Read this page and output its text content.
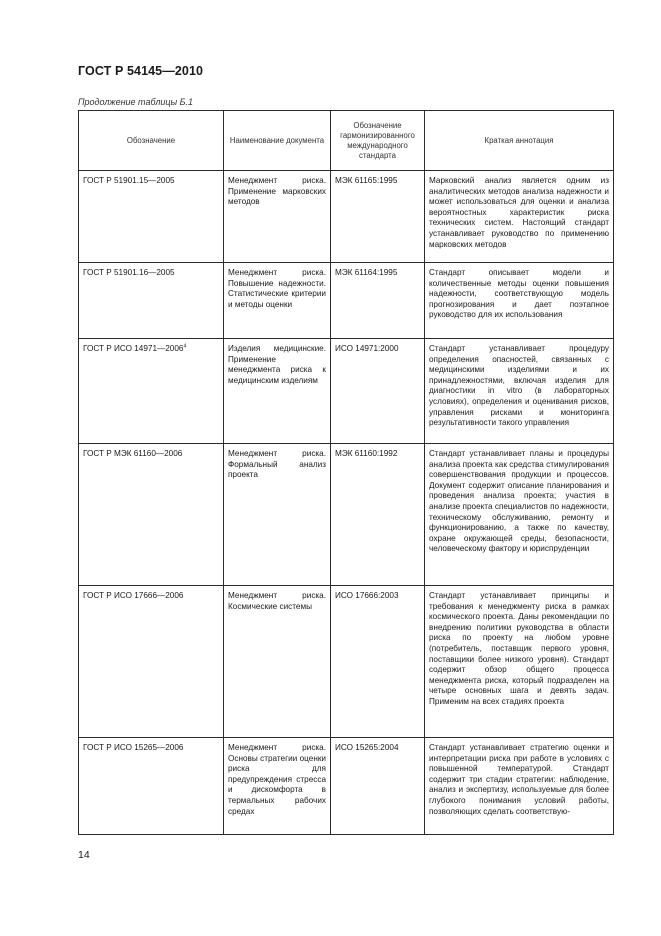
ГОСТ Р 54145—2010
Продолжение таблицы Б.1
Обозначение	Наименование документа	Обозначение гармонизированного международного стандарта	Краткая аннотация
ГОСТ Р 51901.15—2005	Менеджмент риска. Применение марковских методов	МЭК 61165:1995	Марковский анализ является одним из аналитических методов анализа надежности и может использоваться для оценки и анализа вероятностных характеристик риска технических систем. Настоящий стандарт устанавливает руководство по применению марковских методов
ГОСТ Р 51901.16—2005	Менеджмент риска. Повышение надежности. Статистические критерии и методы оценки	МЭК 61164:1995	Стандарт описывает модели и количественные методы оценки повышения надежности, соответствующую модель прогнозирования и дает поэтапное руководство для их использования
ГОСТ Р ИСО 14971—2006$^4$	Изделия медицинские. Применение менеджмента риска к медицинским изделиям	ИСО 14971:2000	Стандарт устанавливает процедуру определения опасностей, связанных с медицинскими изделиями и их принадлежностями, включая изделия для диагностики in vitro (в лабораторных условиях), определения и оценивания рисков, управления рисками и мониторинга результативности такого управления
ГОСТ Р МЭК 61160—2006	Менеджмент риска. Формальный анализ проекта	МЭК 61160:1992	Стандарт устанавливает планы и процедуры анализа проекта как средства стимулирования совершенствования продукции и процессов. Документ содержит описание планирования и проведения анализа проекта; участия в анализе проекта специалистов по надежности, техническому обслуживанию, ремонту и функционированию, а также по качеству, охране окружающей среды, безопасности, человеческому фактору и юриспруденции
ГОСТ Р ИСО 17666—2006	Менеджмент риска. Космические системы	ИСО 17666:2003	Стандарт устанавливает принципы и требования к менеджменту риска в рамках космического проекта. Даны рекомендации по внедрению политики руководства в области риска по проекту на любом уровне (потребитель, поставщик первого уровня, поставщики более низкого уровня). Стандарт содержит обзор общего процесса менеджмента риска, который подразделен на четыре основных шага и девять задач. Применим на всех стадиях проекта
ГОСТ Р ИСО 15265—2006	Менеджмент риска. Основы стратегии оценки риска для предупреждения стресса и дискомфорта в термальных рабочих средах	ИСО 15265:2004	Стандарт устанавливает стратегию оценки и интерпретации риска при работе в условиях с повышенной температурой. Стандарт содержит три стадии стратегии: наблюдение, анализ и экспертизу, используемые для более глубокого понимания условий работы, позволяющих сделать соответствую-
14
